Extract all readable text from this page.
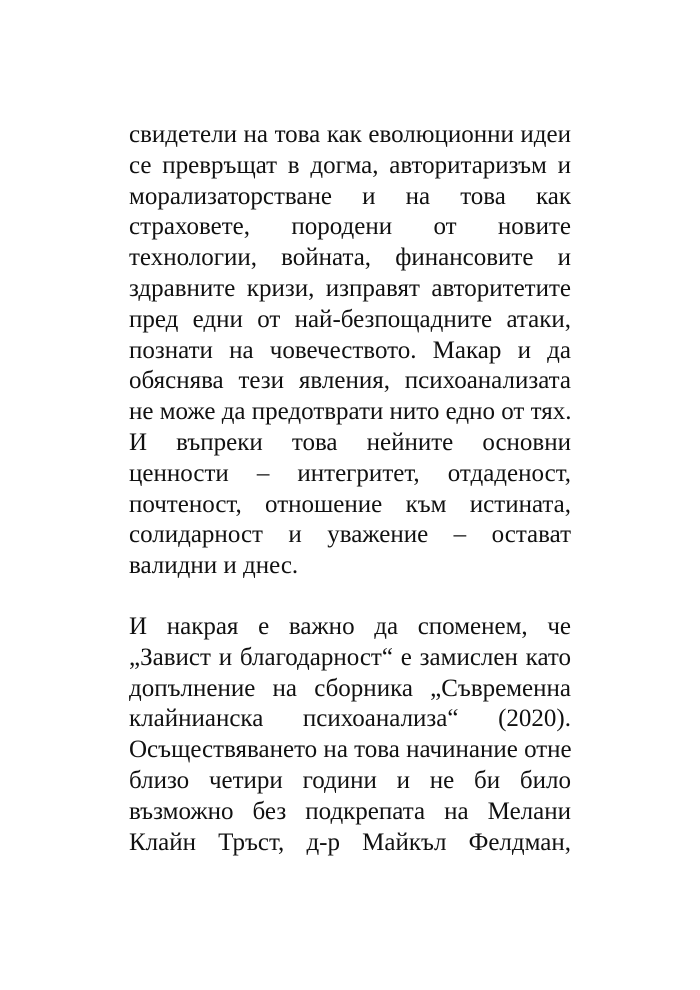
свидетели на това как еволюционни идеи
се превръщат в догма, авторитаризъм и
морализаторстване и на това как
страховете, породени от новите
технологии, войната, финансовите и
здравните кризи, изправят авторитетите
пред едни от най-безпощадните атаки,
познати на човечеството. Макар и да
обяснява тези явления, психоанализата
не може да предотврати нито едно от тях.
И въпреки това нейните основни
ценности – интегритет, отдаденост,
почтеност, отношение към истината,
солидарност и уважение – остават
валидни и днес.
И накрая е важно да споменем, че
„Завист и благодарност“ е замислен като
допълнение на сборника „Съвременна
клайнианска психоанализа“ (2020).
Осъществяването на това начинание отне
близо четири години и не би било
възможно без подкрепата на Мелани
Клайн Тръст, д-р Майкъл Фелдман,
